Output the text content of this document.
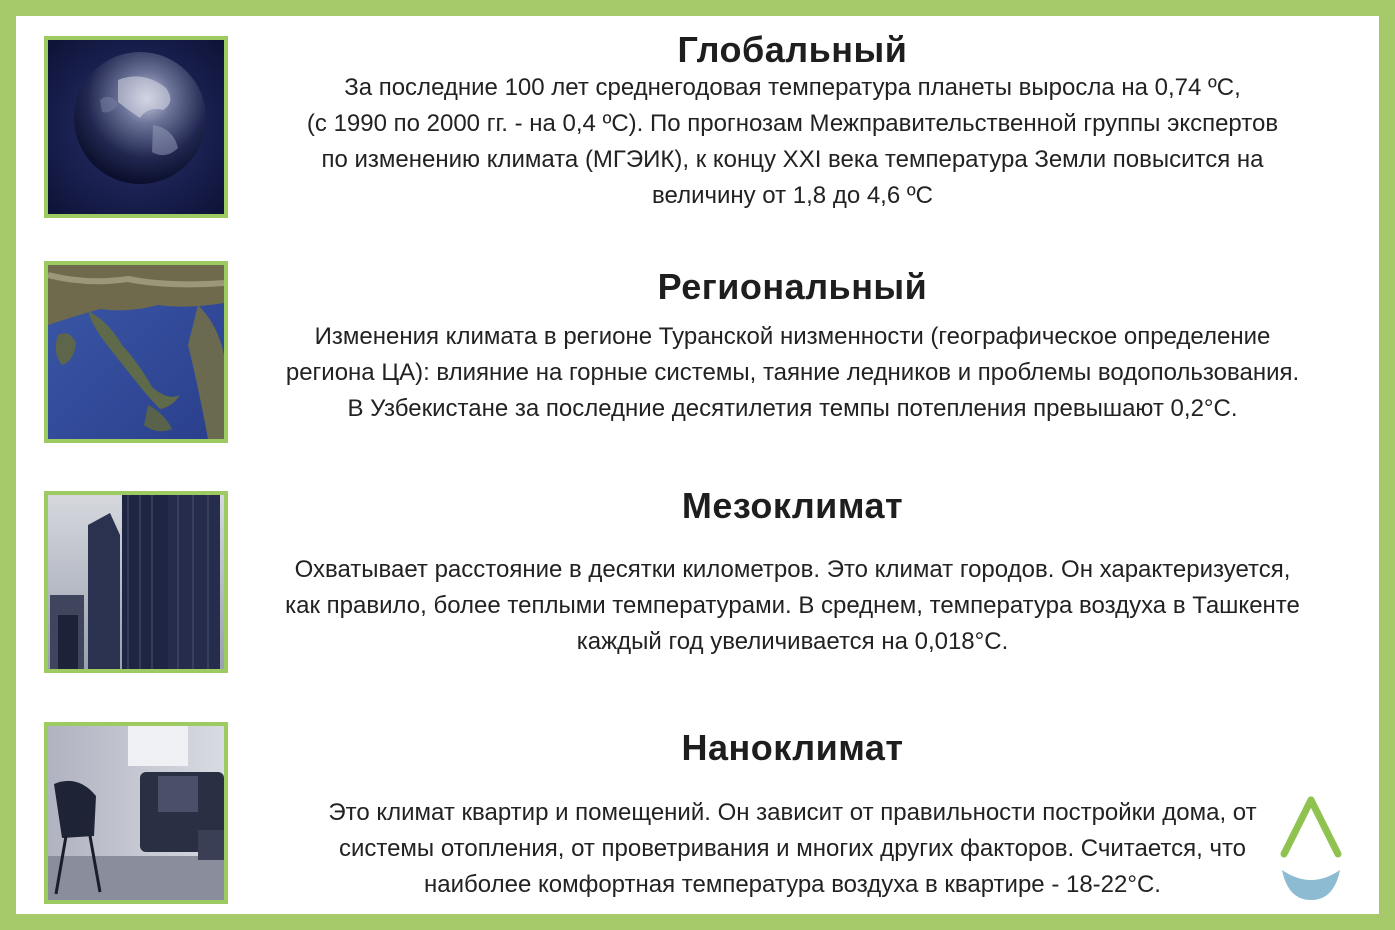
Глобальный
За последние 100 лет среднегодовая температура планеты выросла на 0,74 ºС,
(с 1990 по 2000 гг. - на 0,4 ºС). По прогнозам Межправительственной группы экспертов
по изменению климата (МГЭИК), к концу XXI века температура Земли повысится на
величину от 1,8 до 4,6 ºС
Региональный
Изменения климата в регионе Туранской низменности (географическое определение
региона ЦА): влияние на горные системы, таяние ледников и проблемы водопользования.
В Узбекистане за последние десятилетия темпы потепления превышают 0,2°С.
Мезоклимат
Охватывает расстояние в десятки километров. Это климат городов. Он характеризуется,
как правило, более теплыми температурами. В среднем, температура воздуха в Ташкенте
каждый год увеличивается на 0,018°С.
Наноклимат
Это климат квартир и помещений. Он зависит от правильности постройки дома, от
системы отопления, от проветривания и многих других факторов. Считается, что
наиболее комфортная температура воздуха в квартире - 18-22°С.
